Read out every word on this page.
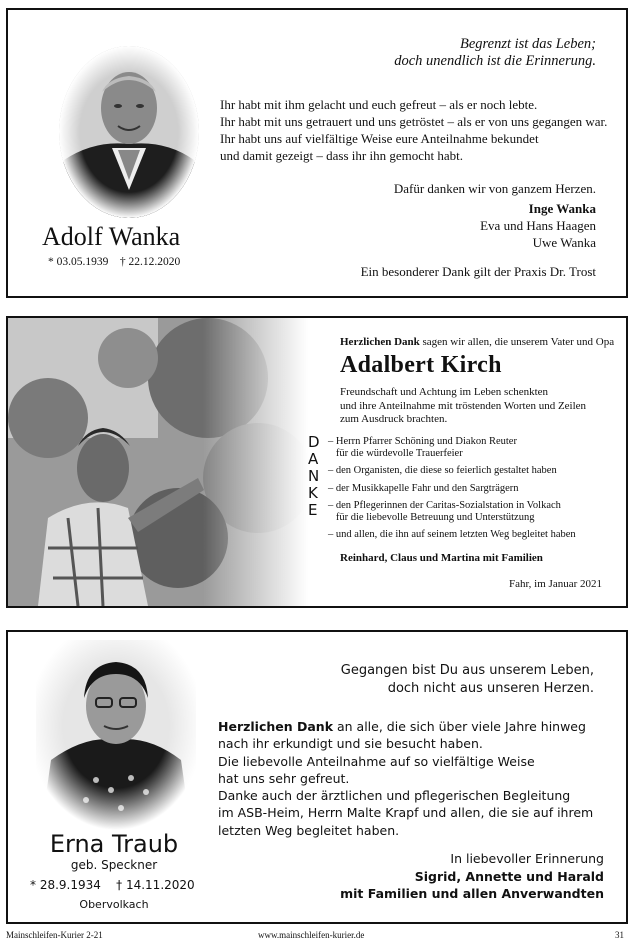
Begrenzt ist das Leben;
doch unendlich ist die Erinnerung.
Ihr habt mit ihm gelacht und euch gefreut – als er noch lebte.
Ihr habt mit uns getrauert und uns getröstet – als er von uns gegangen war.
Ihr habt uns auf vielfältige Weise eure Anteilnahme bekundet
und damit gezeigt – dass ihr ihn gemocht habt.
Dafür danken wir von ganzem Herzen.
Inge Wanka
Eva und Hans Haagen
Uwe Wanka
Ein besonderer Dank gilt der Praxis Dr. Trost
Adolf Wanka
* 03.05.1939    † 22.12.2020
Herzlichen Dank sagen wir allen, die unserem Vater und Opa
Adalbert Kirch
Freundschaft und Achtung im Leben schenkten
und ihre Anteilnahme mit tröstenden Worten und Zeilen
zum Ausdruck brachten.
D
A
N
K
E
– Herrn Pfarrer Schöning und Diakon Reuter
für die würdevolle Trauerfeier
– den Organisten, die diese so feierlich gestaltet haben
– der Musikkapelle Fahr und den Sargträgern
– den Pflegerinnen der Caritas-Sozialstation in Volkach
für die liebevolle Betreuung und Unterstützung
– und allen, die ihn auf seinem letzten Weg begleitet haben
Reinhard, Claus und Martina mit Familien
Fahr, im Januar 2021
Gegangen bist Du aus unserem Leben,
doch nicht aus unseren Herzen.
Herzlichen Dank an alle, die sich über viele Jahre hinweg
nach ihr erkundigt und sie besucht haben.
Die liebevolle Anteilnahme auf so vielfältige Weise
hat uns sehr gefreut.
Danke auch der ärztlichen und pflegerischen Begleitung
im ASB-Heim, Herrn Malte Krapf und allen, die sie auf ihrem
letzten Weg begleitet haben.
In liebevoller Erinnerung
Sigrid, Annette und Harald
mit Familien und allen Anverwandten
Erna Traub
geb. Speckner
* 28.9.1934    † 14.11.2020
Obervolkach
Mainschleifen-Kurier 2-21	www.mainschleifen-kurier.de	31
